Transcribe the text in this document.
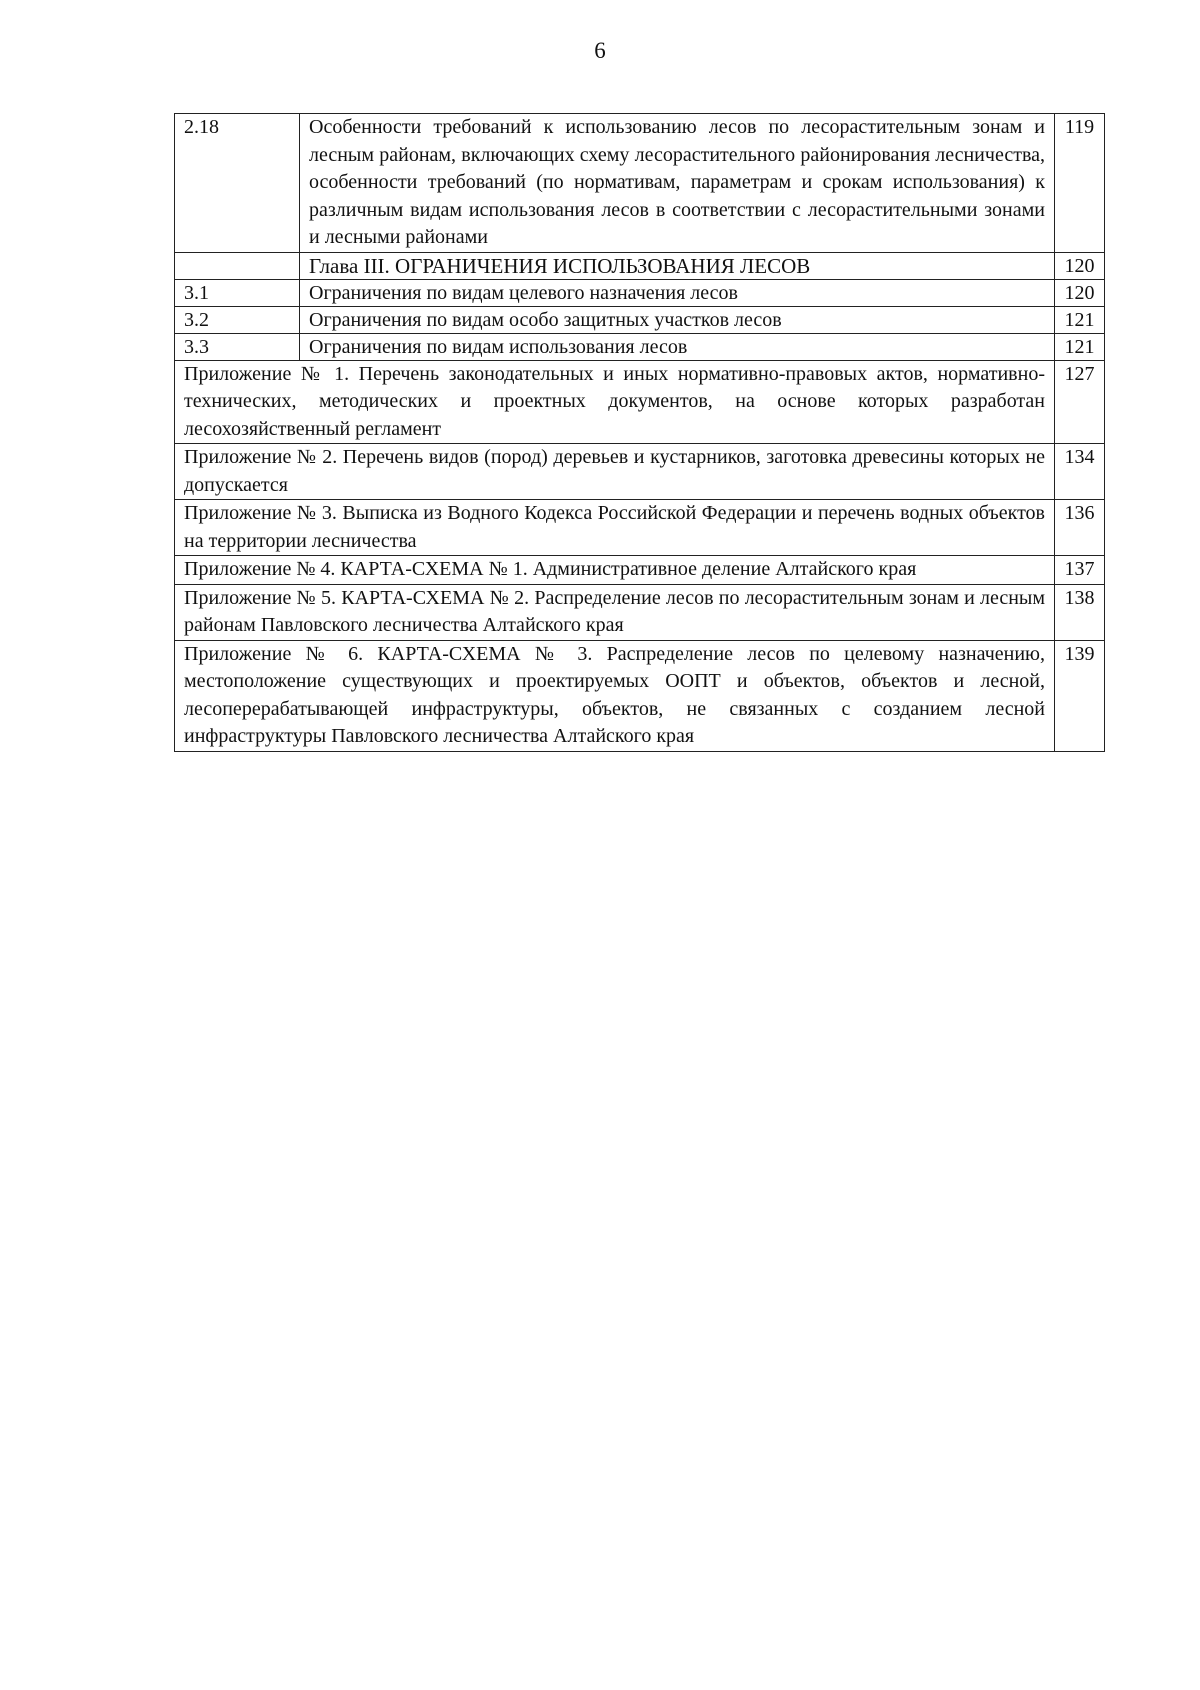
6
2.18	Особенности требований к использованию лесов по лесорастительным зонам и лесным районам, включающих схему лесорастительного районирования лесничества, особенности требований (по нормативам, параметрам и срокам использования) к различным видам использования лесов в соответствии с лесорастительными зонами и лесными районами	119
	Глава III. ОГРАНИЧЕНИЯ ИСПОЛЬЗОВАНИЯ ЛЕСОВ	120
3.1	Ограничения по видам целевого назначения лесов	120
3.2	Ограничения по видам особо защитных участков лесов	121
3.3	Ограничения по видам использования лесов	121
Приложение № 1. Перечень законодательных и иных нормативно-правовых актов, нормативно-технических, методических и проектных документов, на основе которых разработан лесохозяйственный регламент		127
Приложение № 2. Перечень видов (пород) деревьев и кустарников, заготовка древесины которых не допускается		134
Приложение № 3. Выписка из Водного Кодекса Российской Федерации и перечень водных объектов на территории лесничества		136
Приложение № 4. КАРТА-СХЕМА № 1. Административное деление Алтайского края		137
Приложение № 5. КАРТА-СХЕМА № 2. Распределение лесов по лесорастительным зонам и лесным районам Павловского лесничества Алтайского края		138
Приложение № 6. КАРТА-СХЕМА № 3. Распределение лесов по целевому назначению, местоположение существующих и проектируемых ООПТ и объектов, объектов и лесной, лесоперерабатывающей инфраструктуры, объектов, не связанных с созданием лесной инфраструктуры Павловского лесничества Алтайского края		139
